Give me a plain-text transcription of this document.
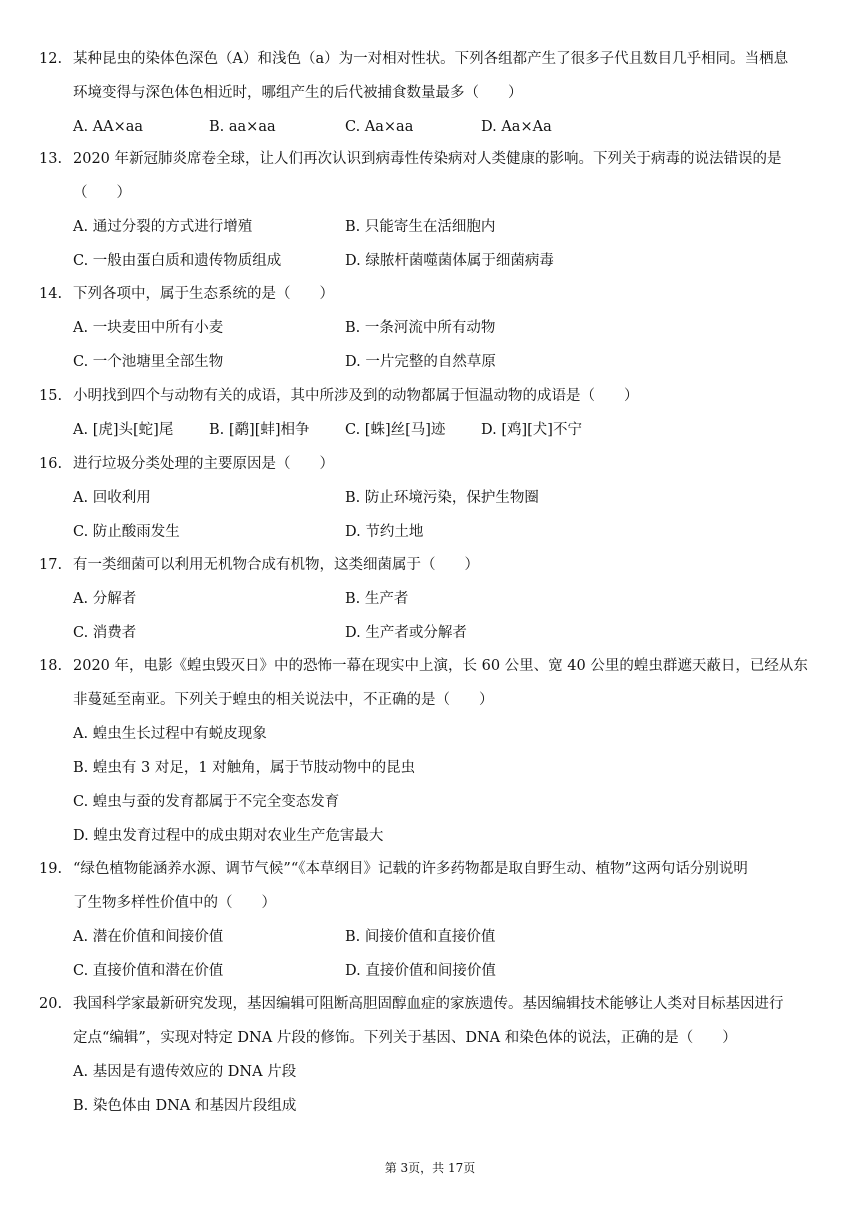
12. 某种昆虫的染体色深色（A）和浅色（a）为一对相对性状。下列各组都产生了很多子代且数目几乎相同。当栖息
环境变得与深色体色相近时，哪组产生的后代被捕食数量最多（　　）
A. AA×aa	B. aa×aa	C. Aa×aa	D. Aa×Aa
13. 2020 年新冠肺炎席卷全球，让人们再次认识到病毒性传染病对人类健康的影响。下列关于病毒的说法错误的是
（　　）
A. 通过分裂的方式进行增殖	B. 只能寄生在活细胞内
C. 一般由蛋白质和遗传物质组成	D. 绿脓杆菌噬菌体属于细菌病毒
14. 下列各项中，属于生态系统的是（　　）
A. 一块麦田中所有小麦	B. 一条河流中所有动物
C. 一个池塘里全部生物	D. 一片完整的自然草原
15. 小明找到四个与动物有关的成语，其中所涉及到的动物都属于恒温动物的成语是（　　）
A. [虎]头[蛇]尾	B. [鹬][蚌]相争	C. [蛛]丝[马]迹	D. [鸡][犬]不宁
16. 进行垃圾分类处理的主要原因是（　　）
A. 回收利用	B. 防止环境污染，保护生物圈
C. 防止酸雨发生	D. 节约土地
17. 有一类细菌可以利用无机物合成有机物，这类细菌属于（　　）
A. 分解者	B. 生产者
C. 消费者	D. 生产者或分解者
18. 2020 年，电影《蝗虫毁灭日》中的恐怖一幕在现实中上演，长 60 公里、宽 40 公里的蝗虫群遮天蔽日，已经从东
非蔓延至南亚。下列关于蝗虫的相关说法中，不正确的是（　　）
A. 蝗虫生长过程中有蜕皮现象
B. 蝗虫有 3 对足，1 对触角，属于节肢动物中的昆虫
C. 蝗虫与蚕的发育都属于不完全变态发育
D. 蝗虫发育过程中的成虫期对农业生产危害最大
19. “绿色植物能涵养水源、调节气候”“《本草纲目》记载的许多药物都是取自野生动、植物”这两句话分别说明
了生物多样性价值中的（　　）
A. 潜在价值和间接价值	B. 间接价值和直接价值
C. 直接价值和潜在价值	D. 直接价值和间接价值
20. 我国科学家最新研究发现，基因编辑可阻断高胆固醇血症的家族遗传。基因编辑技术能够让人类对目标基因进行
定点“编辑”，实现对特定 DNA 片段的修饰。下列关于基因、DNA 和染色体的说法，正确的是（　　）
A. 基因是有遗传效应的 DNA 片段
B. 染色体由 DNA 和基因片段组成
第 3页，共 17页
